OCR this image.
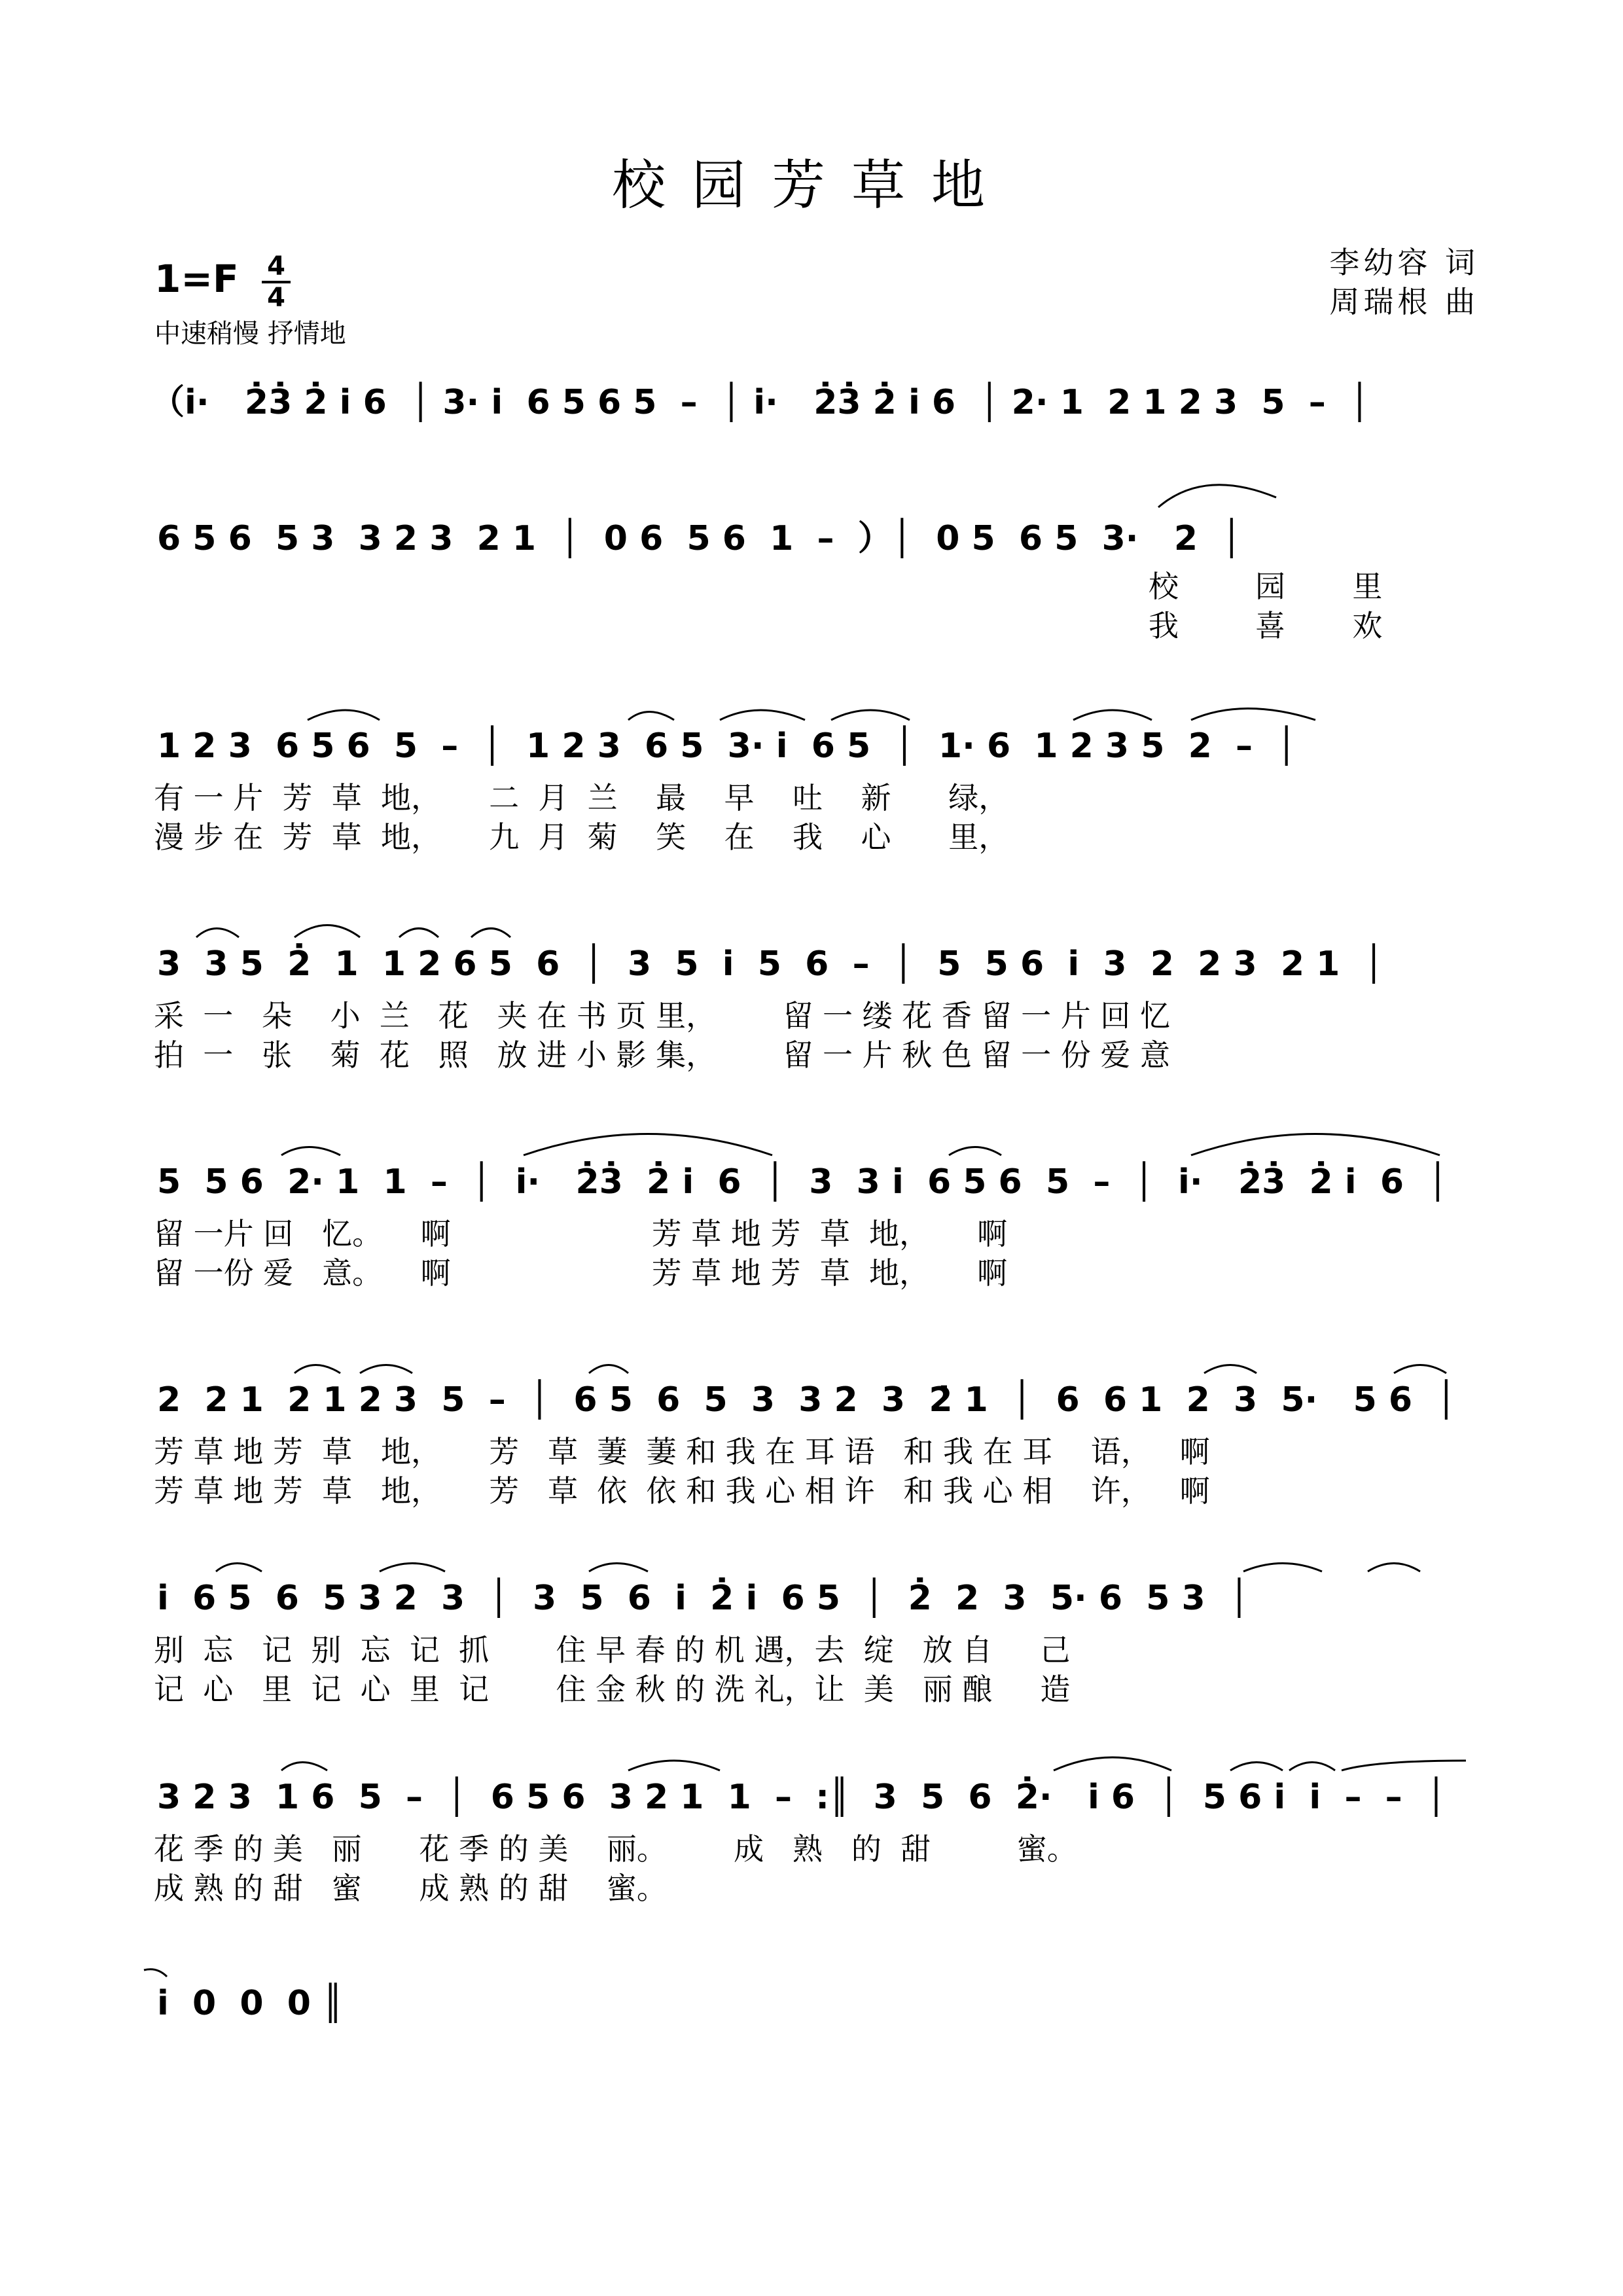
校园芳草地
李幼容 词
周瑞根 曲
1=F 4
4
中速稍慢 抒情地
（i·   2̇3̇ 2̇ i 6  │ 3· i  6 5 6 5  –  │ i·   2̇3̇ 2̇ i 6  │ 2· 1  2 1 2 3  5  –  │
6 5 6  5 3  3 2 3  2 1  │  0 6  5 6  1  –  ）│  0 5  6 5  3·   2  │
校        园       里
我        喜       欢
1 2 3  6 5 6  5  –  │  1 2 3  6 5  3· i  6 5  │  1· 6  1 2 3 5  2  –  │
有 一 片  芳  草  地，     二  月  兰    最    早    吐    新      绿，
漫 步 在  芳  草  地，     九  月  菊    笑    在    我    心      里，
3  3 5  2̇  1  1 2 6 5  6  │  3  5  i  5  6  –  │  5  5 6  i  3  2  2 3  2 1  │
采  一   朵    小  兰   花   夹 在 书 页 里，       留 一 缕 花 香 留 一 片 回 忆
拍  一   张    菊  花   照   放 进 小 影 集，       留 一 片 秋 色 留 一 份 爱 意
5  5 6  2· 1  1  –  │  i·   2̇3̇  2̇ i  6  │  3  3 i  6 5 6  5  –  │  i·   2̇3̇  2̇ i  6  │
留 一片 回   忆。    啊                     芳 草 地 芳  草  地，     啊
留 一份 爱   意。    啊                     芳 草 地 芳  草  地，     啊
2  2 1  2 1 2 3  5  –  │  6 5  6  5  3  3 2  3  2̇ 1  │  6  6 1  2  3  5·   5 6  │
芳 草 地 芳  草   地，     芳   草  萋  萋 和 我 在 耳 语   和 我 在 耳    语，   啊
芳 草 地 芳  草   地，     芳   草  依  依 和 我 心 相 许   和 我 心 相    许，   啊
i  6 5  6  5 3 2  3  │  3  5  6  i  2̇ i  6 5  │  2̇  2  3  5· 6  5 3  │
别  忘   记  别  忘  记  抓       住 早 春 的 机 遇，去  绽   放 自     己
记  心   里  记  心  里  记       住 金 秋 的 洗 礼，让  美   丽 酿     造
3 2 3  1 6  5  –  │  6 5 6  3 2 1  1  –  :║  3  5  6  2̇·   i 6  │  5 6 i  i  –  –  │
花 季 的 美   丽      花 季 的 美    丽。       成   熟   的  甜         蜜。
成 熟 的 甜   蜜      成 熟 的 甜    蜜。
i  0  0  0 ║
